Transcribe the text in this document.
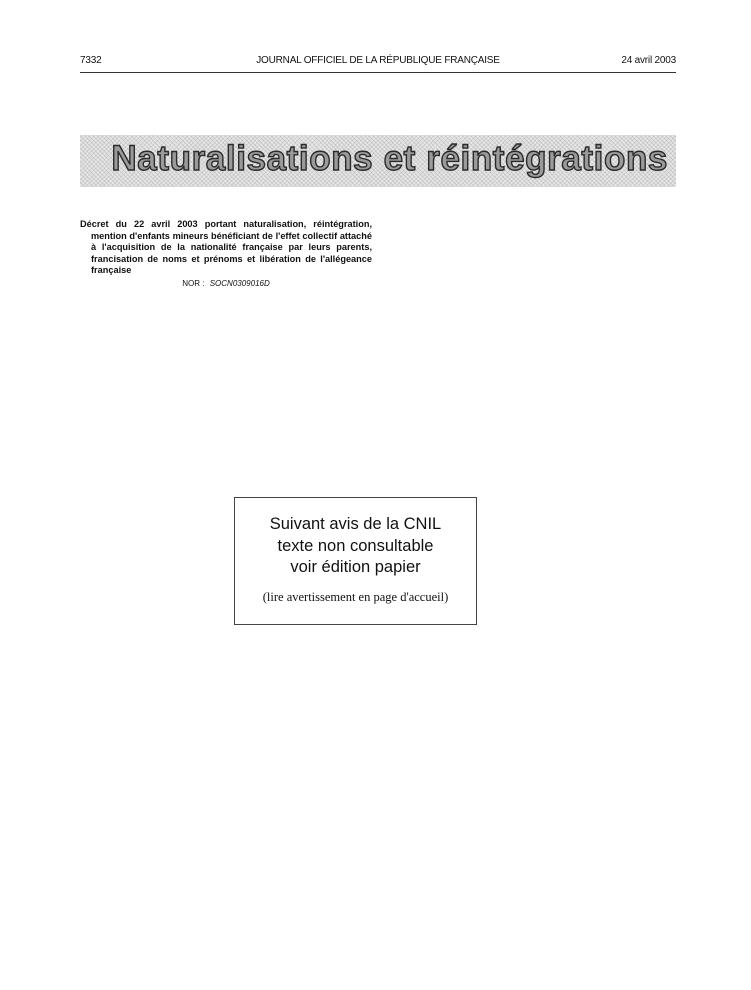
7332	JOURNAL OFFICIEL DE LA RÉPUBLIQUE FRANÇAISE	24 avril 2003
Naturalisations et réintégrations

Décret du 22 avril 2003 portant naturalisation, réintégration, mention d'enfants mineurs bénéficiant de l'effet collectif attaché à l'acquisition de la nationalité française par leurs parents, francisation de noms et prénoms et libération de l'allégeance française

NOR : SOCN0309016D
Suivant avis de la CNIL
texte non consultable
voir édition papier
(lire avertissement en page d'accueil)
